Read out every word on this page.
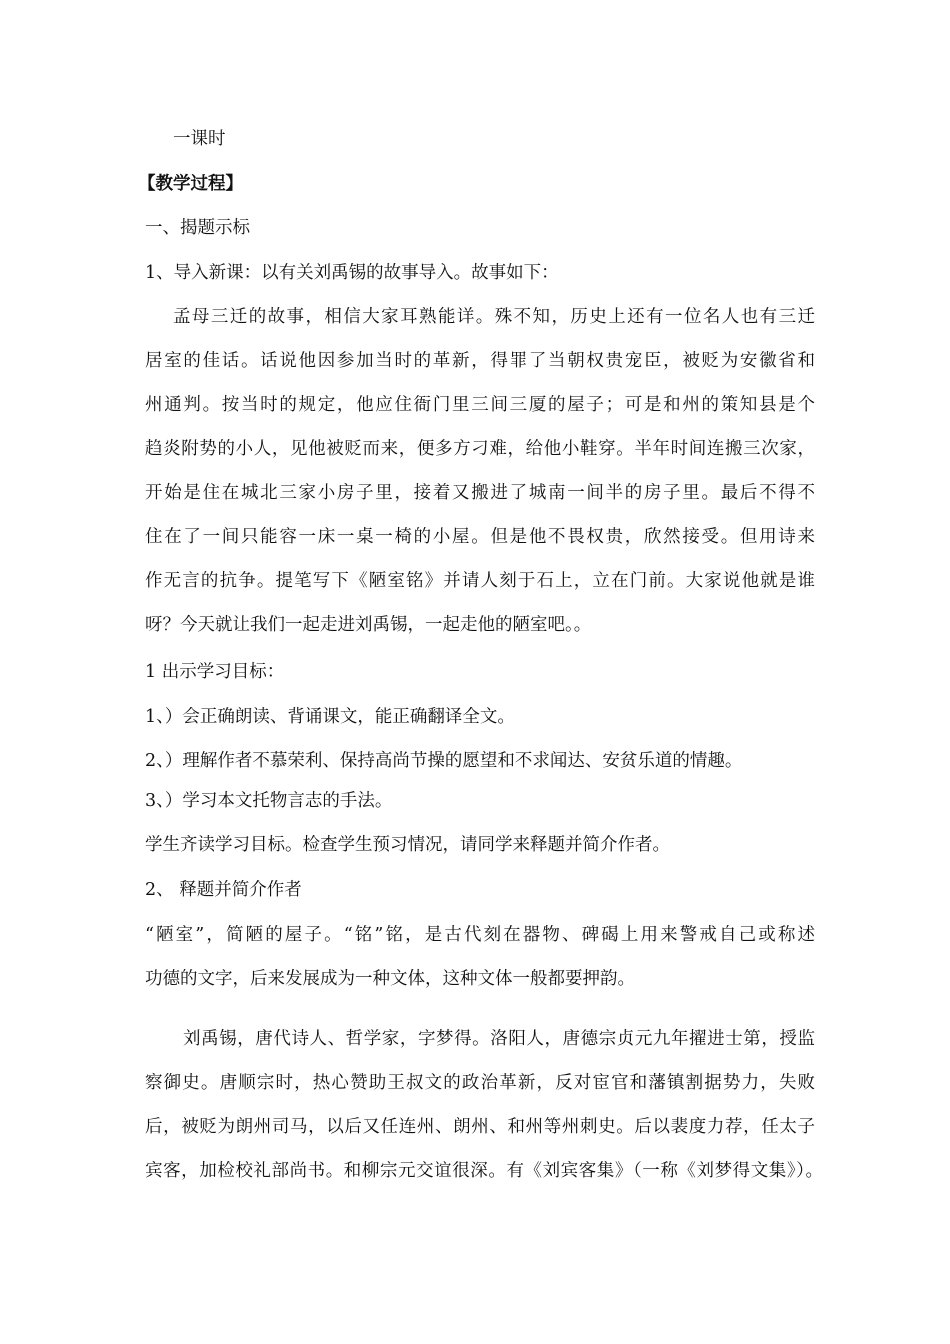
一课时
【教学过程】
一、揭题示标
1、导入新课：以有关刘禹锡的故事导入。故事如下：
孟母三迁的故事，相信大家耳熟能详。殊不知，历史上还有一位名人也有三迁
居室的佳话。话说他因参加当时的革新，得罪了当朝权贵宠臣，被贬为安徽省和
州通判。按当时的规定，他应住衙门里三间三厦的屋子；可是和州的策知县是个
趋炎附势的小人，见他被贬而来，便多方刁难，给他小鞋穿。半年时间连搬三次家，
开始是住在城北三家小房子里，接着又搬进了城南一间半的房子里。最后不得不
住在了一间只能容一床一桌一椅的小屋。但是他不畏权贵，欣然接受。但用诗来
作无言的抗争。提笔写下《陋室铭》并请人刻于石上，立在门前。大家说他就是谁
呀？今天就让我们一起走进刘禹锡，一起走他的陋室吧。。
1 出示学习目标：
1、）会正确朗读、背诵课文，能正确翻译全文。
2、）理解作者不慕荣利、保持高尚节操的愿望和不求闻达、安贫乐道的情趣。
3、）学习本文托物言志的手法。
学生齐读学习目标。检查学生预习情况，请同学来释题并简介作者。
2、 释题并简介作者
“陋室”，简陋的屋子。“铭”铭，是古代刻在器物、碑碣上用来警戒自己或称述
功德的文字，后来发展成为一种文体，这种文体一般都要押韵。
刘禹锡，唐代诗人、哲学家，字梦得。洛阳人，唐德宗贞元九年擢进士第，授监
察御史。唐顺宗时，热心赞助王叔文的政治革新，反对宦官和藩镇割据势力，失败
后，被贬为朗州司马，以后又任连州、朗州、和州等州刺史。后以裴度力荐，任太子
宾客，加检校礼部尚书。和柳宗元交谊很深。有《刘宾客集》（一称《刘梦得文集》）。
